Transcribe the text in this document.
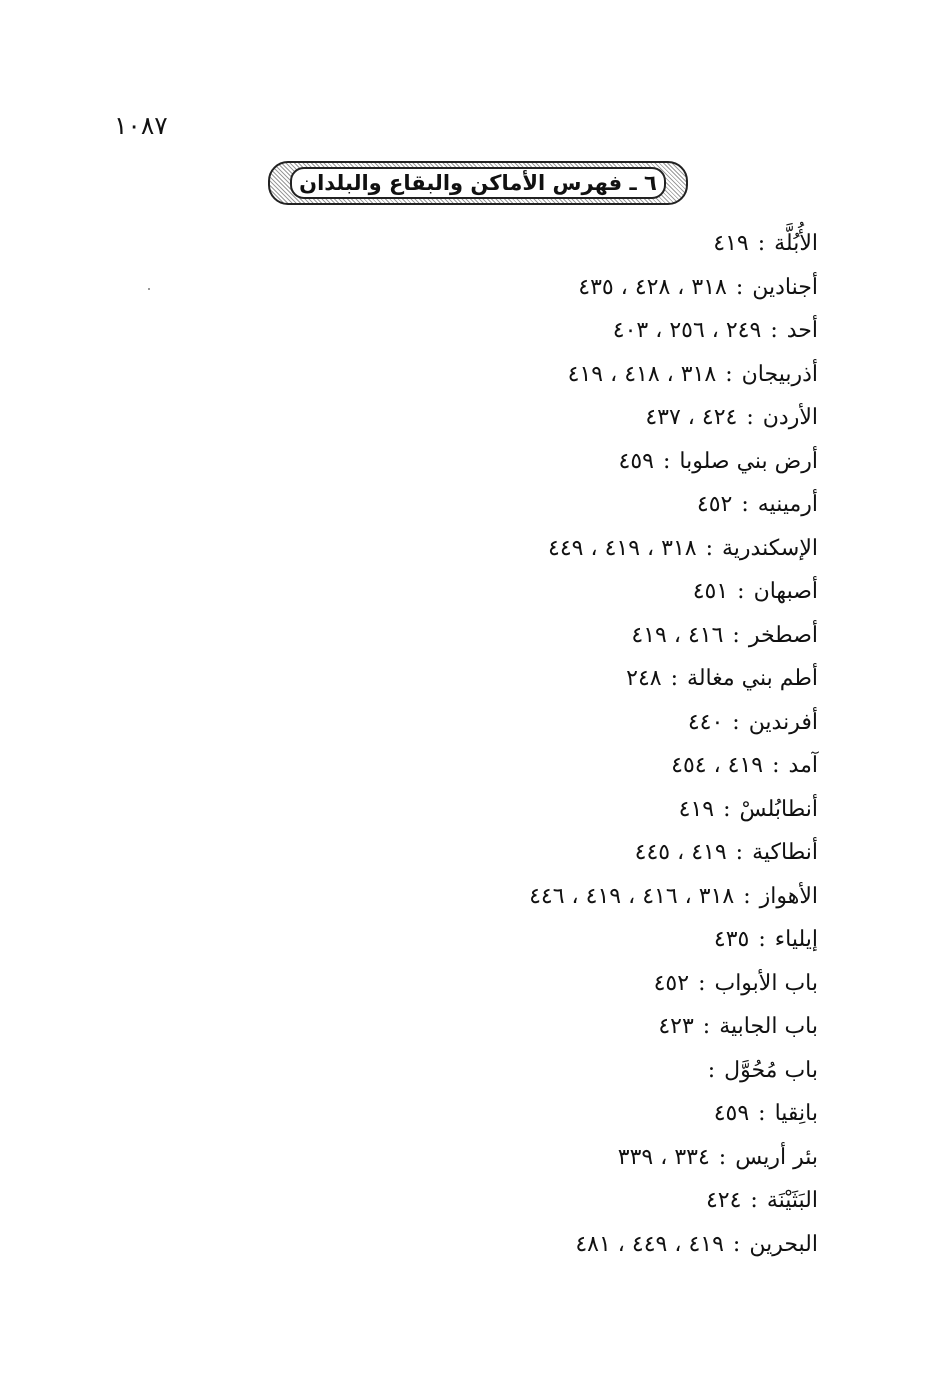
١٠٨٧
٦ ـ فهرس الأماكن والبقاع والبلدان
الأُبُلَّة:٤١٩
أجنادين:٣١٨ ، ٤٢٨ ، ٤٣٥
أحد:٢٤٩ ، ٢٥٦ ، ٤٠٣
أذربيجان:٣١٨ ، ٤١٨ ، ٤١٩
الأردن:٤٢٤ ، ٤٣٧
أرض بني صلوبا:٤٥٩
أرمينيه:٤٥٢
الإسكندرية:٣١٨ ، ٤١٩ ، ٤٤٩
أصبهان:٤٥١
أصطخر:٤١٦ ، ٤١٩
أطم بني مغالة:٢٤٨
أفرندين:٤٤٠
آمد:٤١٩ ، ٤٥٤
أنطابُلسْ:٤١٩
أنطاكية:٤١٩ ، ٤٤٥
الأهواز:٣١٨ ، ٤١٦ ، ٤١٩ ، ٤٤٦
إيلياء:٤٣٥
باب الأبواب:٤٥٢
باب الجابية:٤٢٣
باب مُحُوَّل:
بانِقيا:٤٥٩
بئر أريس:٣٣٤ ، ٣٣٩
البَثَيْنَة:٤٢٤
البحرين:٤١٩ ، ٤٤٩ ، ٤٨١
